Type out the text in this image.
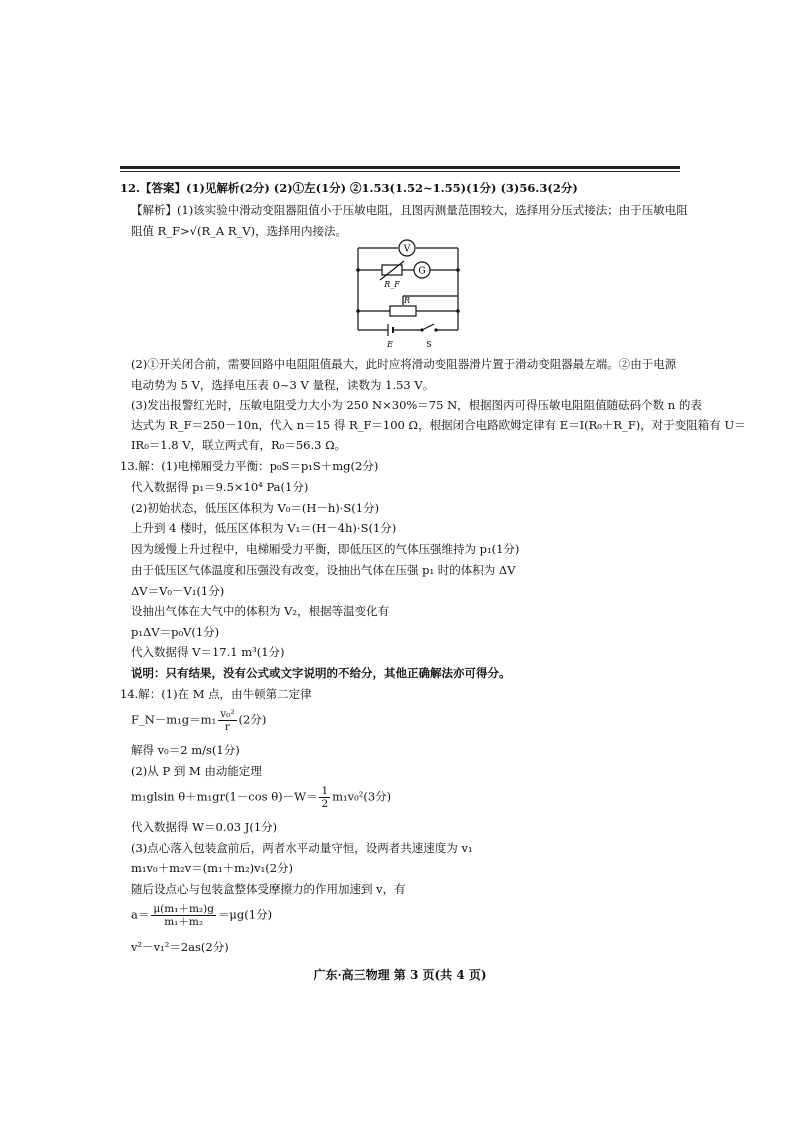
12.【答案】(1)见解析(2分) (2)①左(1分) ②1.53(1.52~1.55)(1分) (3)56.3(2分)
【解析】(1)该实验中滑动变阻器阻值小于压敏电阻，且图丙测量范围较大，选择用分压式接法；由于压敏电阻
阻值 R_F>√(R_A R_V)，选择用内接法。
V
G
R_F
R
E	S
(2)①开关闭合前，需要回路中电阻阻值最大，此时应将滑动变阻器滑片置于滑动变阻器最左端。②由于电源
电动势为 5 V，选择电压表 0~3 V 量程，读数为 1.53 V。
(3)发出报警红光时，压敏电阻受力大小为 250 N×30%＝75 N，根据图丙可得压敏电阻阻值随砝码个数 n 的表
达式为 R_F＝250－10n，代入 n＝15 得 R_F＝100 Ω，根据闭合电路欧姆定律有 E＝I(R₀＋R_F)，对于变阻箱有 U＝
IR₀＝1.8 V，联立两式有，R₀＝56.3 Ω。
13.解：(1)电梯厢受力平衡：p₀S＝p₁S＋mg(2分)
代入数据得 p₁＝9.5×10⁴ Pa(1分)
(2)初始状态，低压区体积为 V₀＝(H－h)·S(1分)
上升到 4 楼时，低压区体积为 V₁＝(H－4h)·S(1分)
因为缓慢上升过程中，电梯厢受力平衡，即低压区的气体压强维持为 p₁(1分)
由于低压区气体温度和压强没有改变，设抽出气体在压强 p₁ 时的体积为 ΔV
ΔV＝V₀－V₁(1分)
设抽出气体在大气中的体积为 V₂，根据等温变化有
p₁ΔV＝p₀V(1分)
代入数据得 V＝17.1 m³(1分)
说明：只有结果，没有公式或文字说明的不给分，其他正确解法亦可得分。
14.解：(1)在 M 点，由牛顿第二定律
F_N－m₁g＝m₁ $\frac{\text{v₀²}}{r} (2$分)
解得 v₀＝2 m/s(1分)
(2)从 P 到 M 由动能定理
m₁glsin θ＋m₁gr(1－cos $\theta)-W= \frac{1}{2} m_1v_0^2(3$分)
代入数据得 W＝0.03 J(1分)
(3)点心落入包装盒前后，两者水平动量守恒，设两者共速速度为 v₁
m₁v₀＋m₂v＝(m₁＋m₂)v₁(2分)
随后设点心与包装盒整体受摩擦力的作用加速到 v，有
$a= \frac{\text{μ(m₁＋m₂)g}}{\text{m₁＋m₂}} =\mu g(1$分)
v²－v₁²＝2as(2分)
广东·高三物理 第 3 页(共 4 页)
